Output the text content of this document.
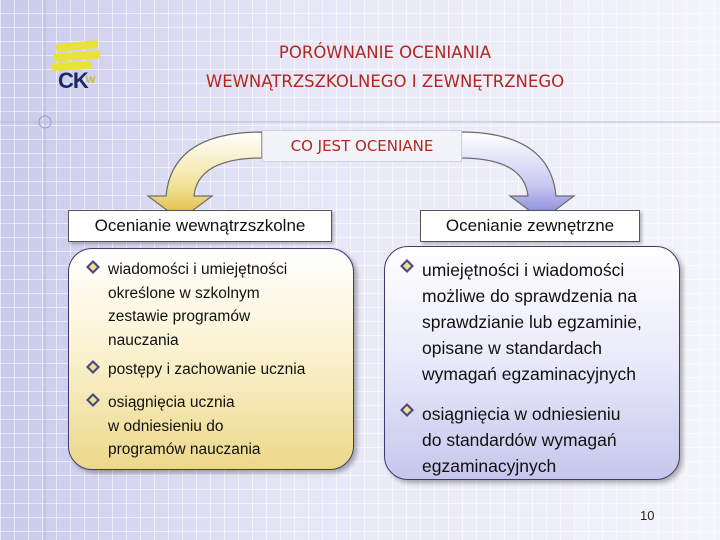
CK
w
PORÓWNANIE OCENIANIA
WEWNĄTRZSZKOLNEGO I ZEWNĘTRZNEGO
CO JEST OCENIANE
Ocenianie wewnątrzszkolne	Ocenianie zewnętrzne
wiadomości i umiejętności
określone w szkolnym
zestawie programów
nauczania
postępy i zachowanie ucznia
osiągnięcia ucznia
w odniesieniu do
programów nauczania
umiejętności i wiadomości
możliwe do sprawdzenia na
sprawdzianie lub egzaminie,
opisane w standardach
wymagań egzaminacyjnych
osiągnięcia w odniesieniu
do standardów wymagań
egzaminacyjnych
10
